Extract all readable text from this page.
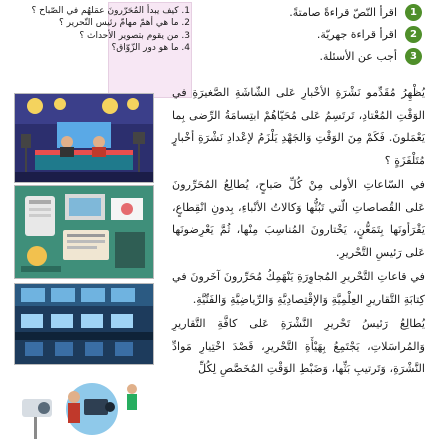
1. كيف يبدأ المُحَرّرونَ عمَلهُم في الصّباح ؟
2. ما هي أهمّ مهامّ رئيس التّحرير ؟
3. من يقوم بتصوير الأحداث ؟
4. ما هو دور الزّوّاق؟
1
اقرأ النّصّ قراءةً صامتةً.
2
اقرأ قراءة جهريّة.
3
أجب عن الأسئلة.

يُظْهِرُ مُقَدِّمو نَشْرَةِ الأخْبارِ عَلى الشّاشَةِ الصَّغيرَةِ في الوَقْتِ المُعْتادِ، تَرتَسِمُ عَلى مُحَيّاهُمْ ابتِسامَةُ الرِّضى بِما يَعْمَلونَ. فَكَمْ مِنَ الوَقْتِ وَالجَهْدِ يَلْزَمُ لإعْدادِ نَشْرَةِ أخْبارٍ مُتَلْفَزَةٍ ؟

في السّاعاتِ الأولى مِنْ كُلِّ صَباحٍ، يُطالِعُ المُحَرِّرونَ عَلى القُصاصاتِ الّتي تَبُثُّها وَكالاتُ الأنْباءِ، بِدونِ انْقِطاعٍ، يَقْرَأونَها بِتَمَعُّنٍ، يَخْتارونَ المُناسِبَ مِنْها، ثُمَّ يَعْرِضونَها عَلى رَئيسِ التَّحْريرِ.

في قاعاتِ التَّحْريرِ المُجاوِرَةِ يَنْهَمِكُ مُحَرِّرونَ آخَرونَ في كِتابَةِ التَّقاريرِ العِلْمِيَّةِ وَالإقْتِصادِيَّةِ وَالرِّياضِيَّةِ وَالفَنِّيَّةِ.

يُطالِعُ رَئيسُ تَحْريرِ النَّشْرَةِ عَلى كافَّةِ التَّقاريرِ وَالمُراسَلاتِ، يَجْتَمِعُ بِهَيْأَةِ التَّحْريرِ، قَصْدَ اخْتِيارِ مَوادِّ النَّشْرَةِ، وَتَرتيبِ بَثِّها، وَضَبْطِ الوَقْتِ المُخَصَّصِ لِكُلِّ
